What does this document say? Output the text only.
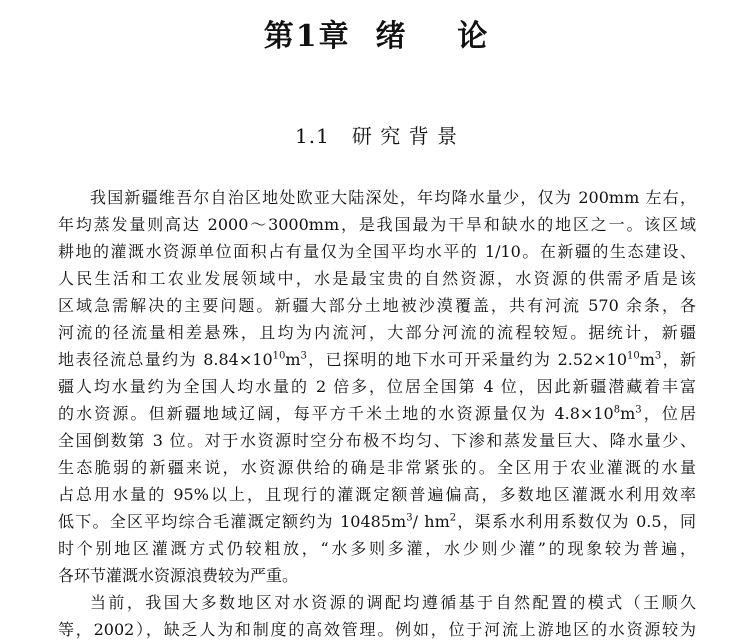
第1章  绪    论
1.1   研 究 背 景

我国新疆维吾尔自治区地处欧亚大陆深处，年均降水量少，仅为 200mm 左右，
年均蒸发量则高达 2000～3000mm，是我国最为干旱和缺水的地区之一。该区域
耕地的灌溉水资源单位面积占有量仅为全国平均水平的 1/10。在新疆的生态建设、
人民生活和工农业发展领域中，水是最宝贵的自然资源，水资源的供需矛盾是该
区域急需解决的主要问题。新疆大部分土地被沙漠覆盖，共有河流 570 余条，各
河流的径流量相差悬殊，且均为内流河，大部分河流的流程较短。据统计，新疆
地表径流总量约为 $8.84\times 10^{10}m^3$，已探明的地下水可开采量约为 $2.52\times 10^{10}m^3$，新
疆人均水量约为全国人均水量的 2 倍多，位居全国第 4 位，因此新疆潜藏着丰富
的水资源。但新疆地域辽阔，每平方千米土地的水资源量仅为 $4.8\times 10^8m^3$，位居
全国倒数第 3 位。对于水资源时空分布极不均匀、下渗和蒸发量巨大、降水量少、
生态脆弱的新疆来说，水资源供给的确是非常紧张的。全区用于农业灌溉的水量
占总用水量的 95%以上，且现行的灌溉定额普遍偏高，多数地区灌溉水利用效率
低下。全区平均综合毛灌溉定额约为 $10485m^3/$ $hm^2$，渠系水利用系数仅为 0.5，同
时个别地区灌溉方式仍较粗放，“水多则多灌，水少则少灌”的现象较为普遍，
各环节灌溉水资源浪费较为严重。

当前，我国大多数地区对水资源的调配均遵循基于自然配置的模式（王顺久
等，2002），缺乏人为和制度的高效管理。例如，位于河流上游地区的水资源较为
